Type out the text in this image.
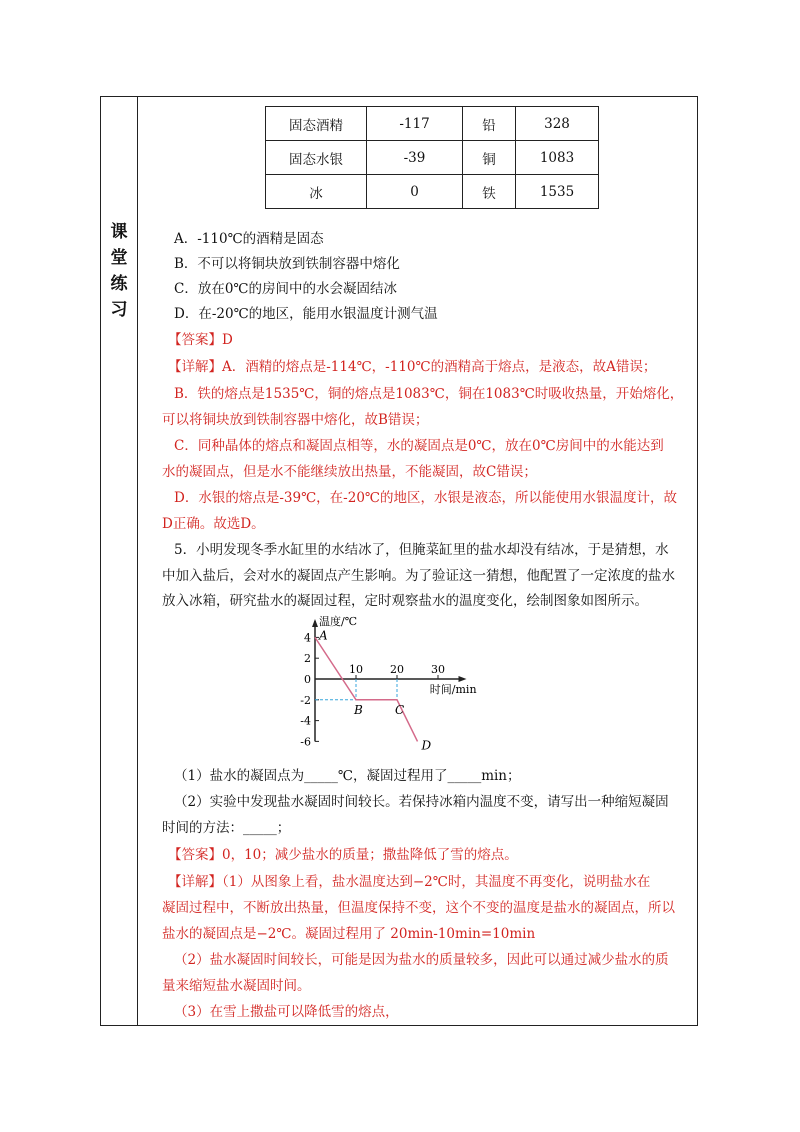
课
堂
练
习
固态酒精	-117	铅	328
固态水银	-39	铜	1083
冰	0	铁	1535
A．-110℃的酒精是固态
B．不可以将铜块放到铁制容器中熔化
C．放在0℃的房间中的水会凝固结冰
D．在-20℃的地区，能用水银温度计测气温
【答案】D
【详解】A．酒精的熔点是-114℃，-110℃的酒精高于熔点，是液态，故A错误；
B．铁的熔点是1535℃，铜的熔点是1083℃，铜在1083℃时吸收热量，开始熔化，
可以将铜块放到铁制容器中熔化，故B错误；
C．同种晶体的熔点和凝固点相等，水的凝固点是0℃，放在0℃房间中的水能达到
水的凝固点，但是水不能继续放出热量，不能凝固，故C错误；
D．水银的熔点是-39℃，在-20℃的地区，水银是液态，所以能使用水银温度计，故
D正确。故选D。
5．小明发现冬季水缸里的水结冰了，但腌菜缸里的盐水却没有结冰，于是猜想，水
中加入盐后，会对水的凝固点产生影响。为了验证这一猜想，他配置了一定浓度的盐水
放入冰箱，研究盐水的凝固过程，定时观察盐水的温度变化，绘制图象如图所示。
温度/℃
时间/min
4
2
0
-2
-4
-6
10 20 30
A
B	C
D
（1）盐水的凝固点为_____℃，凝固过程用了_____min；
（2）实验中发现盐水凝固时间较长。若保持冰箱内温度不变，请写出一种缩短凝固
时间的方法：_____；
【答案】0，10；减少盐水的质量；撒盐降低了雪的熔点。
【详解】（1）从图象上看，盐水温度达到−2℃时，其温度不再变化，说明盐水在
凝固过程中，不断放出热量，但温度保持不变，这个不变的温度是盐水的凝固点，所以
盐水的凝固点是−2℃。凝固过程用了 20min-10min=10min
（2）盐水凝固时间较长，可能是因为盐水的质量较多，因此可以通过减少盐水的质
量来缩短盐水凝固时间。
（3）在雪上撒盐可以降低雪的熔点，
